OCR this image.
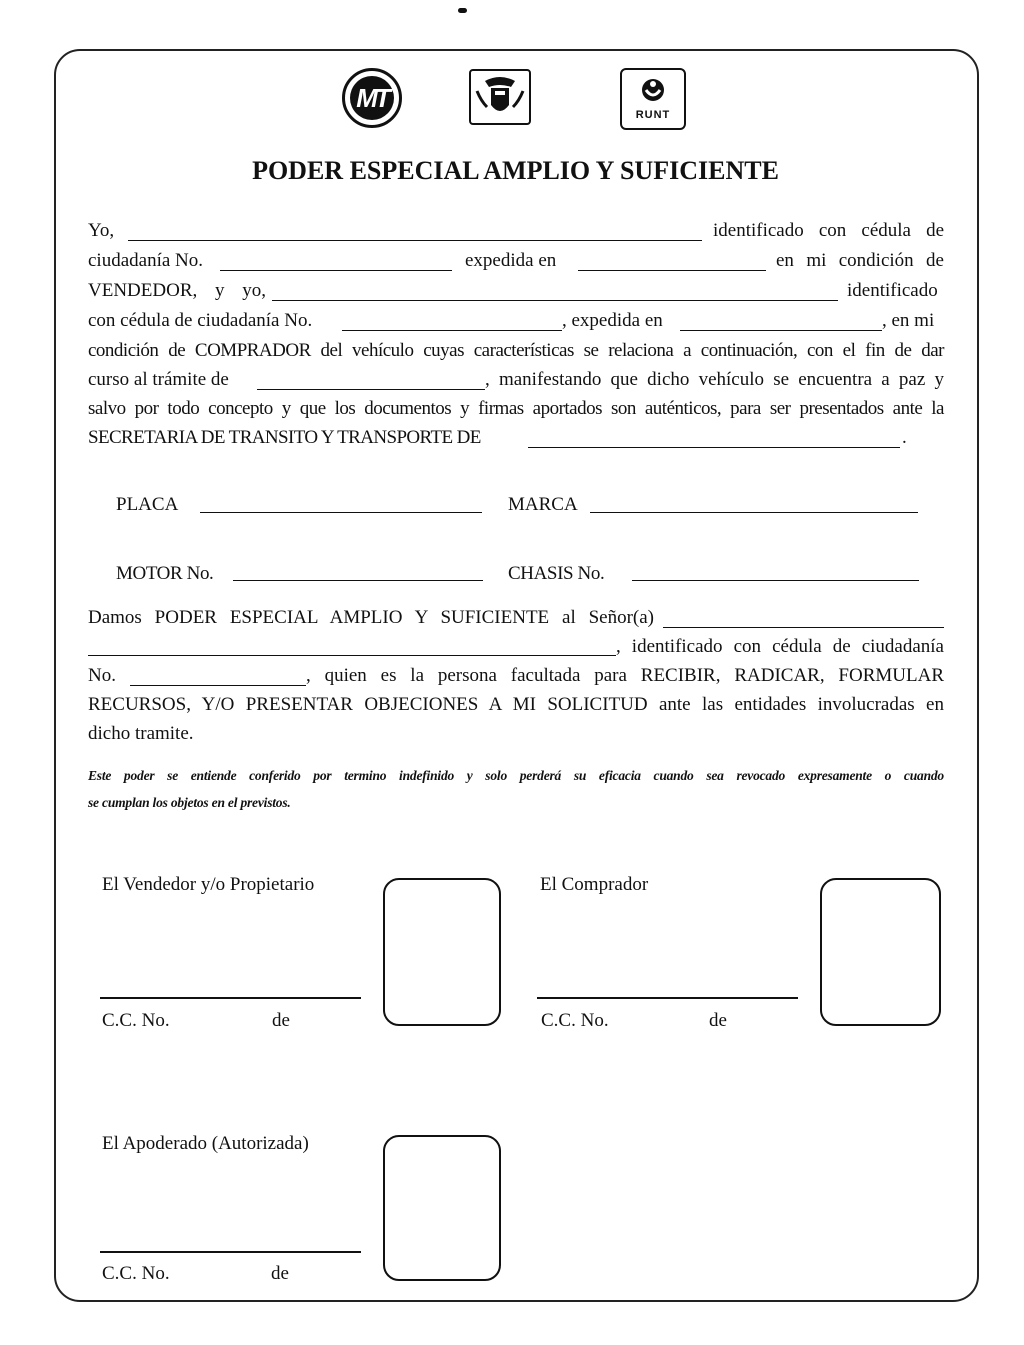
MT
RUNT
PODER ESPECIAL AMPLIO Y SUFICIENTE
Yo,	identificado con cédula de
ciudadanía No.	expedida en	en mi condición de
VENDEDOR, y yo,	identificado
con cédula de ciudadanía No.	, expedida en	, en mi
condición de COMPRADOR del vehículo cuyas características se relaciona a continuación, con el fin de dar
curso al trámite de	, manifestando que dicho vehículo se encuentra a paz y
salvo por todo concepto y que los documentos y firmas aportados son auténticos, para ser presentados ante la
SECRETARIA DE TRANSITO Y TRANSPORTE DE	.
PLACA	MARCA
MOTOR No.	CHASIS No.
Damos PODER ESPECIAL AMPLIO Y SUFICIENTE al Señor(a)
, identificado con cédula de ciudadanía
No.	, quien es la persona facultada para RECIBIR, RADICAR, FORMULAR
RECURSOS, Y/O PRESENTAR OBJECIONES A MI SOLICITUD ante las entidades involucradas en
dicho tramite.
Este poder se entiende conferido por termino indefinido y solo perderá su eficacia cuando sea revocado expresamente o cuando
se cumplan los objetos en el previstos.
El Vendedor y/o Propietario
C.C. No.	de
El Comprador
C.C. No.	de
El Apoderado (Autorizada)
C.C. No.	de
